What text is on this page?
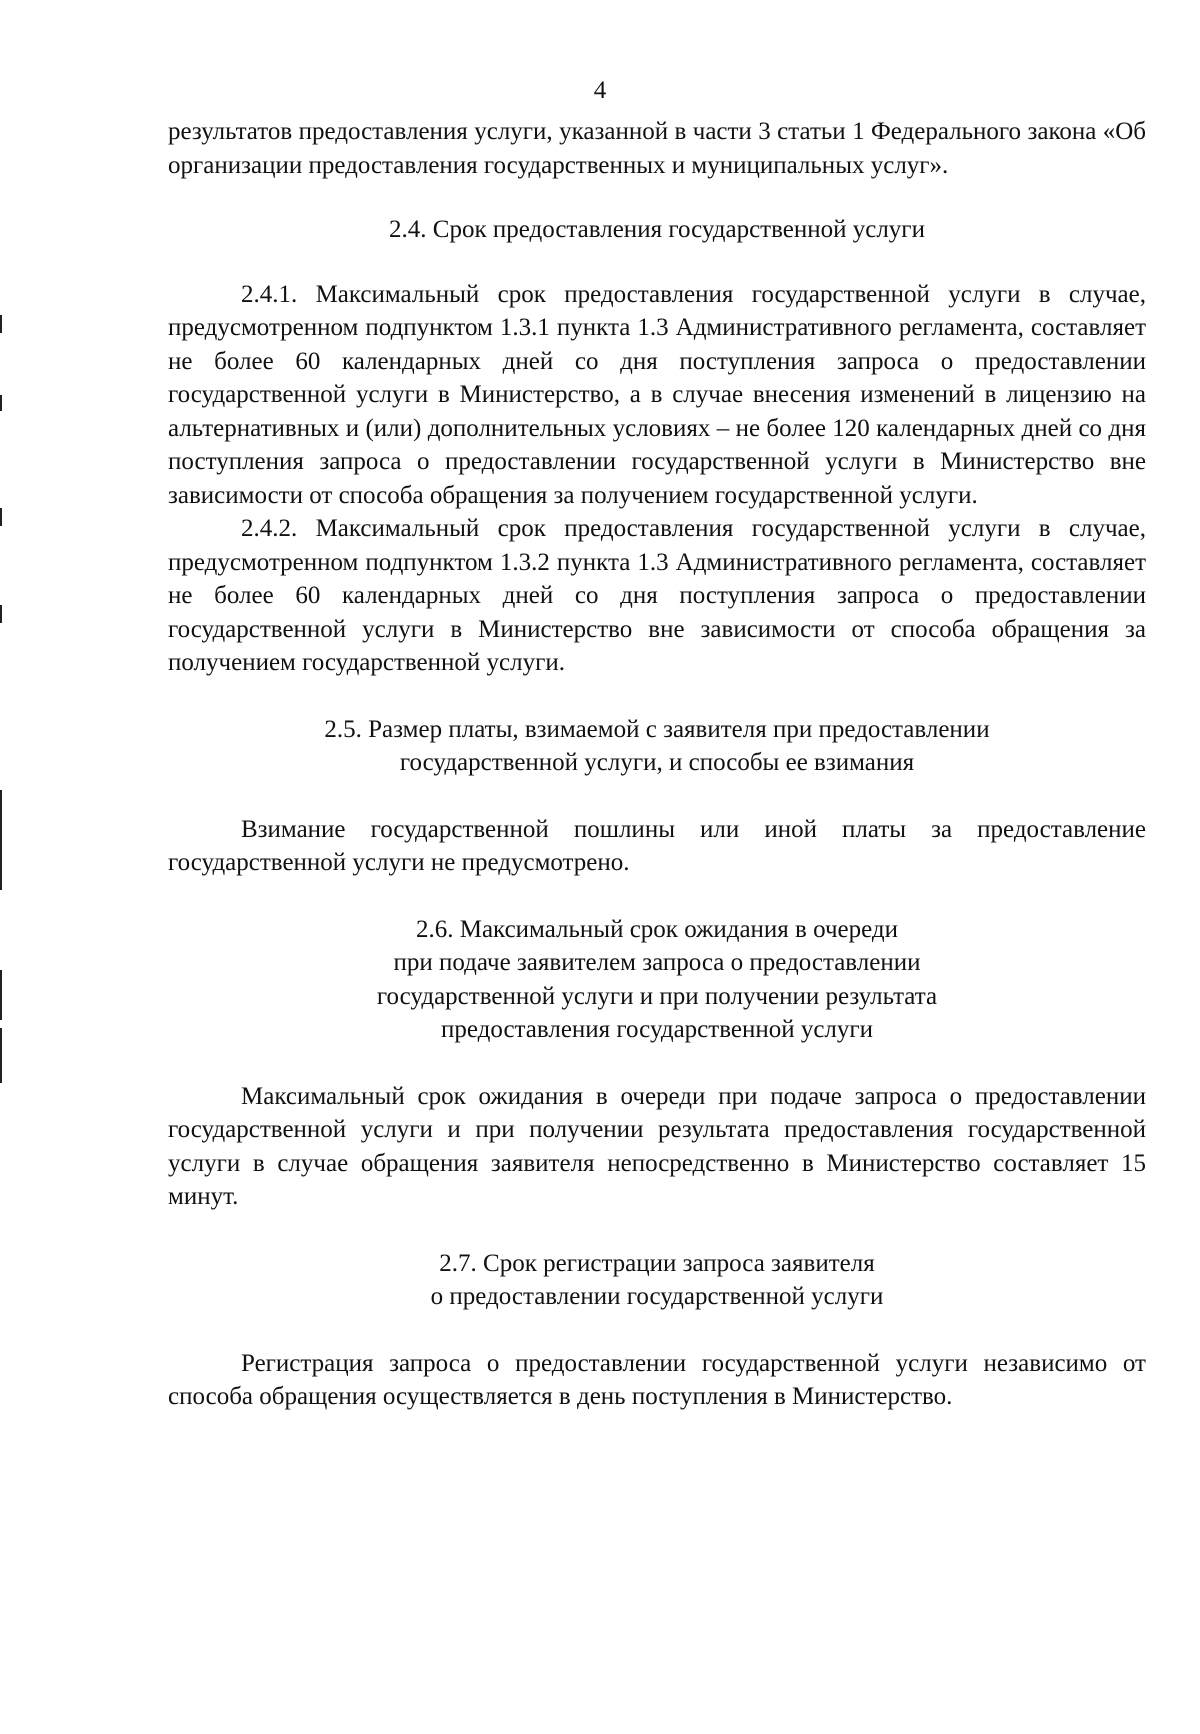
4

результатов предоставления услуги, указанной в части 3 статьи 1 Федерального закона «Об организации предоставления государственных и муниципальных услуг».

2.4. Срок предоставления государственной услуги

2.4.1. Максимальный срок предоставления государственной услуги в случае, предусмотренном подпунктом 1.3.1 пункта 1.3 Административного регламента, составляет не более 60 календарных дней со дня поступления запроса о предоставлении государственной услуги в Министерство, а в случае внесения изменений в лицензию на альтернативных и (или) дополнительных условиях – не более 120 календарных дней со дня поступления запроса о предоставлении государственной услуги в Министерство вне зависимости от способа обращения за получением государственной услуги.

2.4.2. Максимальный срок предоставления государственной услуги в случае, предусмотренном подпунктом 1.3.2 пункта 1.3 Административного регламента, составляет не более 60 календарных дней со дня поступления запроса о предоставлении государственной услуги в Министерство вне зависимости от способа обращения за получением государственной услуги.

2.5. Размер платы, взимаемой с заявителя при предоставлении
государственной услуги, и способы ее взимания

Взимание государственной пошлины или иной платы за предоставление государственной услуги не предусмотрено.

2.6. Максимальный срок ожидания в очереди
при подаче заявителем запроса о предоставлении
государственной услуги и при получении результата
предоставления государственной услуги

Максимальный срок ожидания в очереди при подаче запроса о предоставлении государственной услуги и при получении результата предоставления государственной услуги в случае обращения заявителя непосредственно в Министерство составляет 15 минут.

2.7. Срок регистрации запроса заявителя
о предоставлении государственной услуги

Регистрация запроса о предоставлении государственной услуги независимо от способа обращения осуществляется в день поступления в Министерство.
